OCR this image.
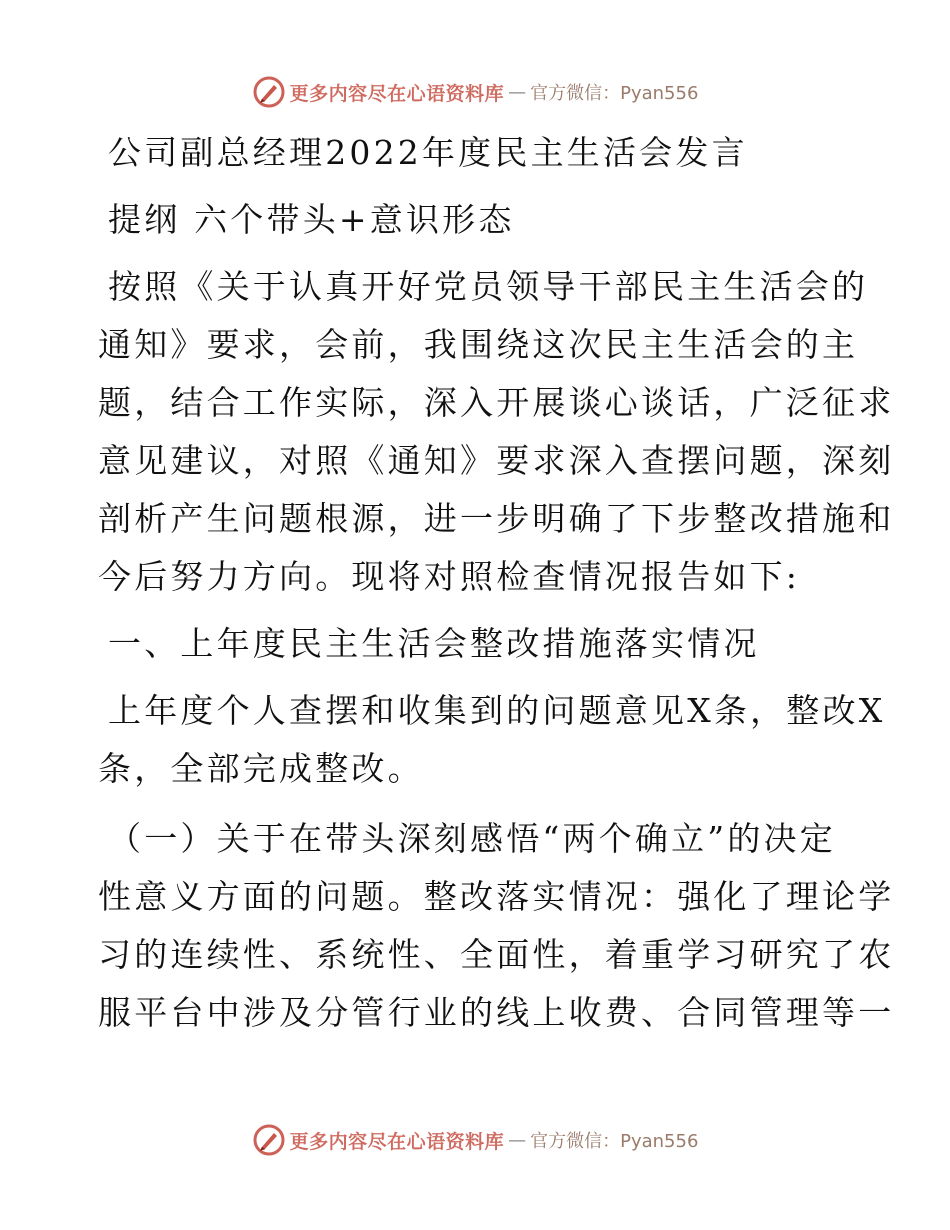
更多内容尽在心语资料库 — 官方微信：Pyan556
公司副总经理2022年度民主生活会发言
提纲 六个带头+意识形态
按照《关于认真开好党员领导干部民主生活会的
通知》要求，会前，我围绕这次民主生活会的主
题，结合工作实际，深入开展谈心谈话，广泛征求
意见建议，对照《通知》要求深入查摆问题，深刻
剖析产生问题根源，进一步明确了下步整改措施和
今后努力方向。现将对照检查情况报告如下:
一、上年度民主生活会整改措施落实情况
上年度个人查摆和收集到的问题意见X条，整改X
条，全部完成整改。
（一）关于在带头深刻感悟“两个确立”的决定
性意义方面的问题。整改落实情况：强化了理论学
习的连续性、系统性、全面性，着重学习研究了农
服平台中涉及分管行业的线上收费、合同管理等一
更多内容尽在心语资料库 — 官方微信：Pyan556
